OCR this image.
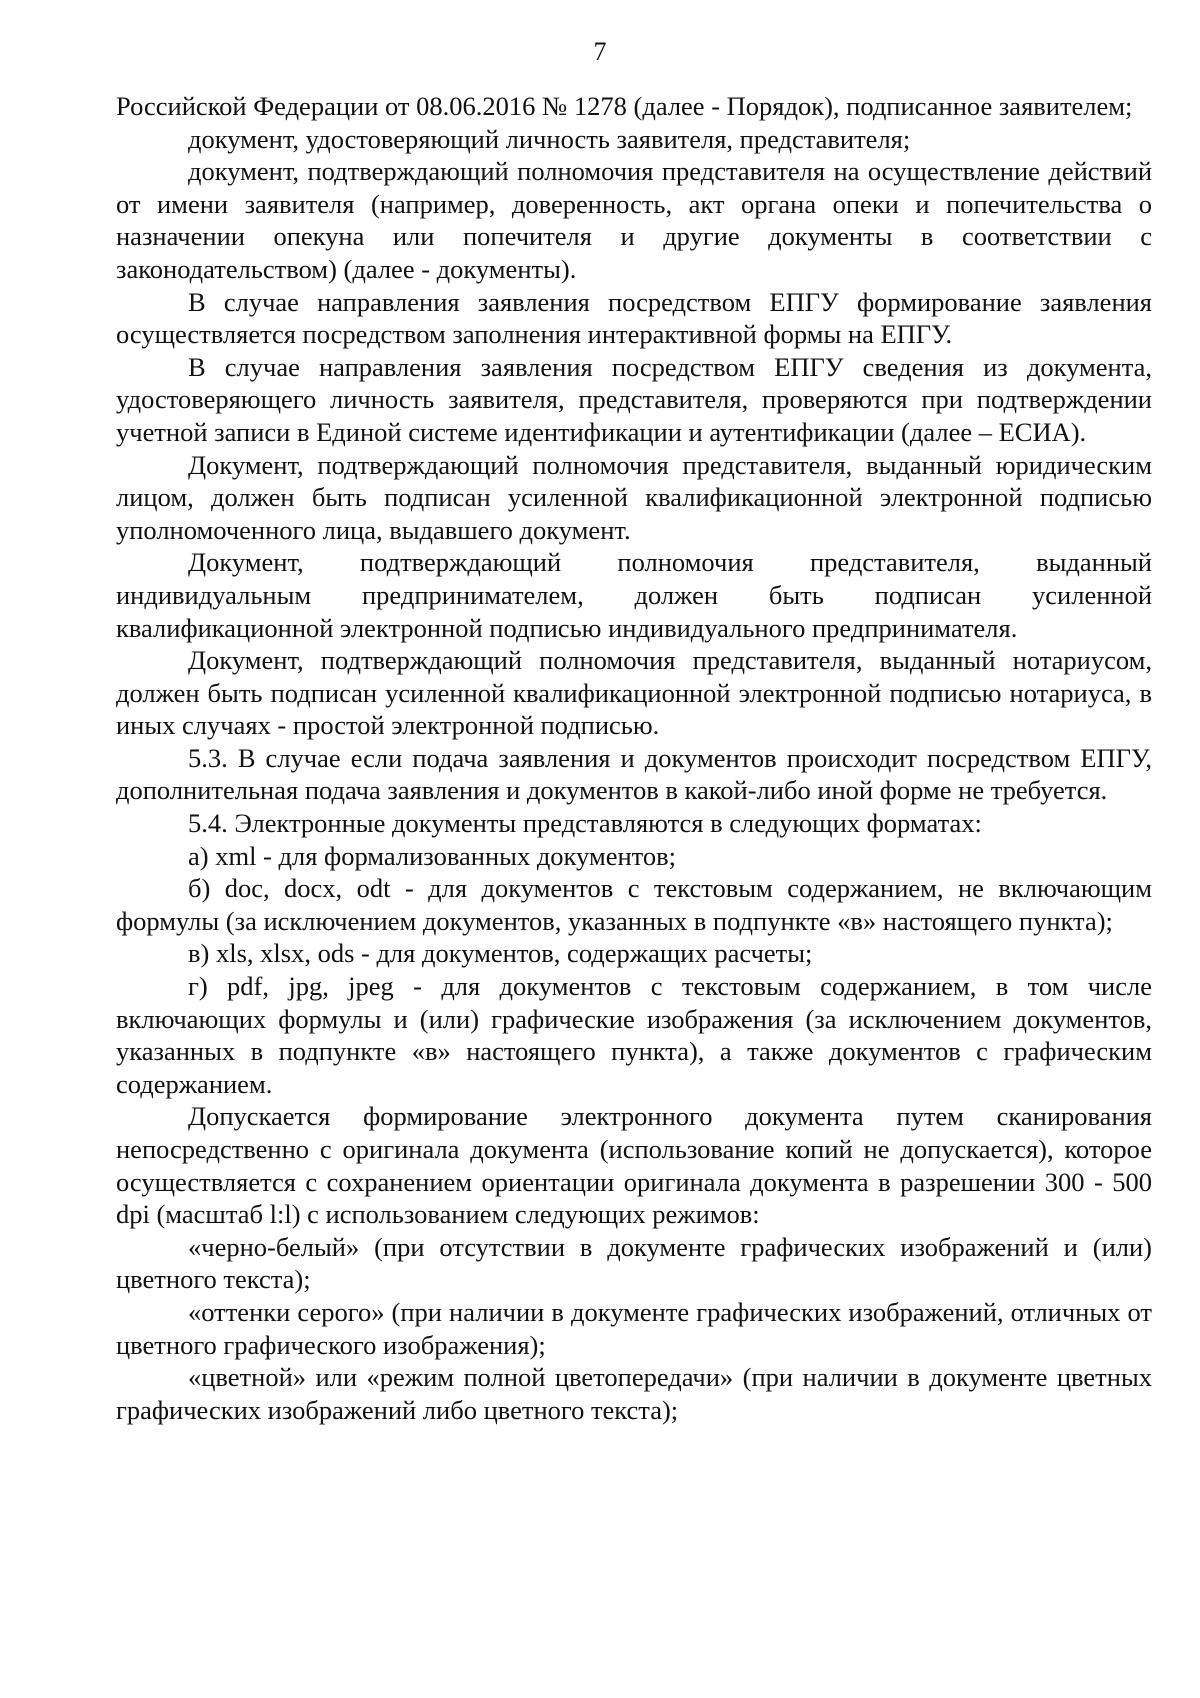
7

Российской Федерации от 08.06.2016 № 1278 (далее - Порядок), подписанное заявителем;

документ, удостоверяющий личность заявителя, представителя;

документ, подтверждающий полномочия представителя на осуществление действий от имени заявителя (например, доверенность, акт органа опеки и попечительства о назначении опекуна или попечителя и другие документы в соответствии с законодательством) (далее - документы).

В случае направления заявления посредством ЕПГУ формирование заявления осуществляется посредством заполнения интерактивной формы на ЕПГУ.

В случае направления заявления посредством ЕПГУ сведения из документа, удостоверяющего личность заявителя, представителя, проверяются при подтверждении учетной записи в Единой системе идентификации и аутентификации (далее – ЕСИА).

Документ, подтверждающий полномочия представителя, выданный юридическим лицом, должен быть подписан усиленной квалификационной электронной подписью уполномоченного лица, выдавшего документ.

Документ, подтверждающий полномочия представителя, выданный индивидуальным предпринимателем, должен быть подписан усиленной квалификационной электронной подписью индивидуального предпринимателя.

Документ, подтверждающий полномочия представителя, выданный нотариусом, должен быть подписан усиленной квалификационной электронной подписью нотариуса, в иных случаях - простой электронной подписью.

5.3. В случае если подача заявления и документов происходит посредством ЕПГУ, дополнительная подача заявления и документов в какой-либо иной форме не требуется.

5.4. Электронные документы представляются в следующих форматах:

а) xml - для формализованных документов;

б) doc, docx, odt - для документов с текстовым содержанием, не включающим формулы (за исключением документов, указанных в подпункте «в» настоящего пункта);

в) xls, xlsx, ods - для документов, содержащих расчеты;

г) pdf, jpg, jpeg - для документов с текстовым содержанием, в том числе включающих формулы и (или) графические изображения (за исключением документов, указанных в подпункте «в» настоящего пункта), а также документов с графическим содержанием.

Допускается формирование электронного документа путем сканирования непосредственно с оригинала документа (использование копий не допускается), которое осуществляется с сохранением ориентации оригинала документа в разрешении 300 - 500 dpi (масштаб l:l) с использованием следующих режимов:

«черно-белый» (при отсутствии в документе графических изображений и (или) цветного текста);

«оттенки серого» (при наличии в документе графических изображений, отличных от цветного графического изображения);

«цветной» или «режим полной цветопередачи» (при наличии в документе цветных графических изображений либо цветного текста);
